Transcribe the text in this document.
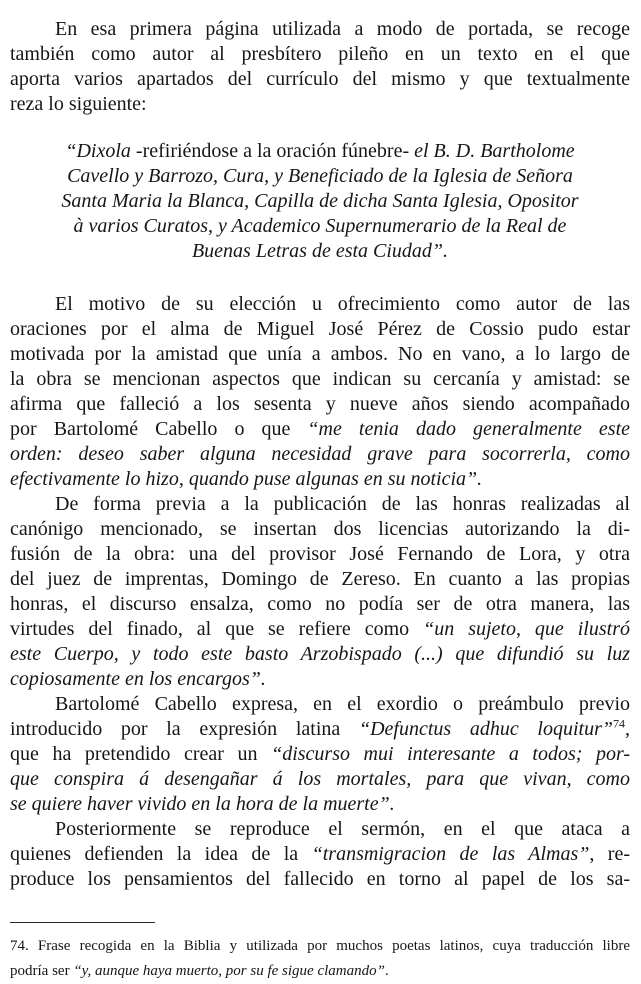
En esa primera página utilizada a modo de portada, se recoge
también como autor al presbítero pileño en un texto en el que
aporta varios apartados del currículo del mismo y que textualmente
reza lo siguiente:
“Dixola -refiriéndose a la oración fúnebre- el B. D. Bartholome
Cavello y Barrozo, Cura, y Beneficiado de la Iglesia de Señora
Santa Maria la Blanca, Capilla de dicha Santa Iglesia, Opositor
à varios Curatos, y Academico Supernumerario de la Real de
Buenas Letras de esta Ciudad”.
El motivo de su elección u ofrecimiento como autor de las
oraciones por el alma de Miguel José Pérez de Cossio pudo estar
motivada por la amistad que unía a ambos. No en vano, a lo largo de
la obra se mencionan aspectos que indican su cercanía y amistad: se
afirma que falleció a los sesenta y nueve años siendo acompañado
por Bartolomé Cabello o que “me tenia dado generalmente este
orden: deseo saber alguna necesidad grave para socorrerla, como
efectivamente lo hizo, quando puse algunas en su noticia”.
De forma previa a la publicación de las honras realizadas al
canónigo mencionado, se insertan dos licencias autorizando la di-
fusión de la obra: una del provisor José Fernando de Lora, y otra
del juez de imprentas, Domingo de Zereso. En cuanto a las propias
honras, el discurso ensalza, como no podía ser de otra manera, las
virtudes del finado, al que se refiere como “un sujeto, que ilustró
este Cuerpo, y todo este basto Arzobispado (...) que difundió su luz
copiosamente en los encargos”.
Bartolomé Cabello expresa, en el exordio o preámbulo previo
introducido por la expresión latina “Defunctus adhuc loquitur”$^{74}$,
que ha pretendido crear un “discurso mui interesante a todos; por-
que conspira á desengañar á los mortales, para que vivan, como
se quiere haver vivido en la hora de la muerte”.
Posteriormente se reproduce el sermón, en el que ataca a
quienes defienden la idea de la “transmigracion de las Almas”, re-
produce los pensamientos del fallecido en torno al papel de los sa-
74. Frase recogida en la Biblia y utilizada por muchos poetas latinos, cuya traducción libre
podría ser “y, aunque haya muerto, por su fe sigue clamando”.
